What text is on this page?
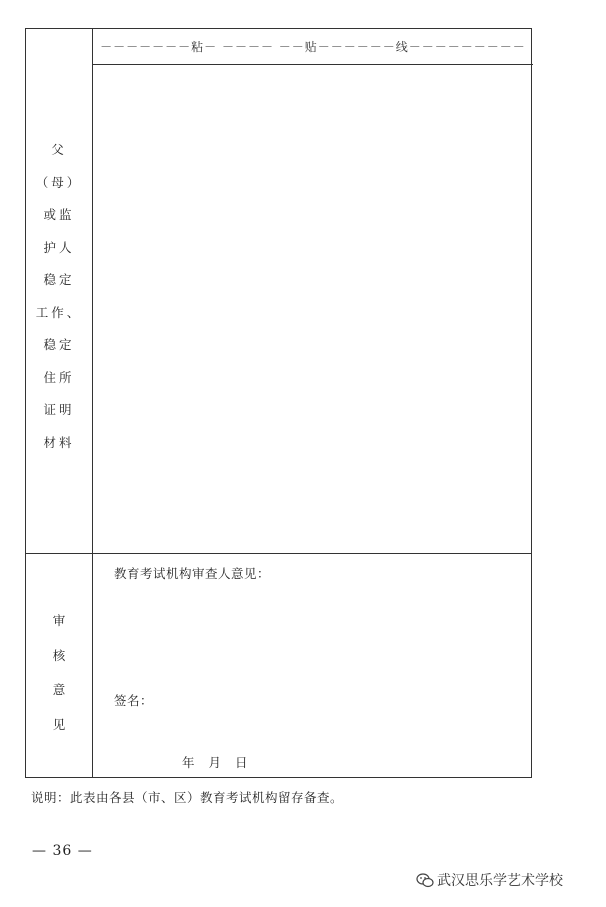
－－－－－－－粘－ －－－－ －－贴－－－－－－线－－－－－－－－－
父
（母）
或监
护人
稳定
工作、
稳定
住所
证明
材料
审
核
意
见
教育考试机构审查人意见：
签名：
年 月 日
说明：此表由各县（市、区）教育考试机构留存备查。
— 36 —
武汉思乐学艺术学校
